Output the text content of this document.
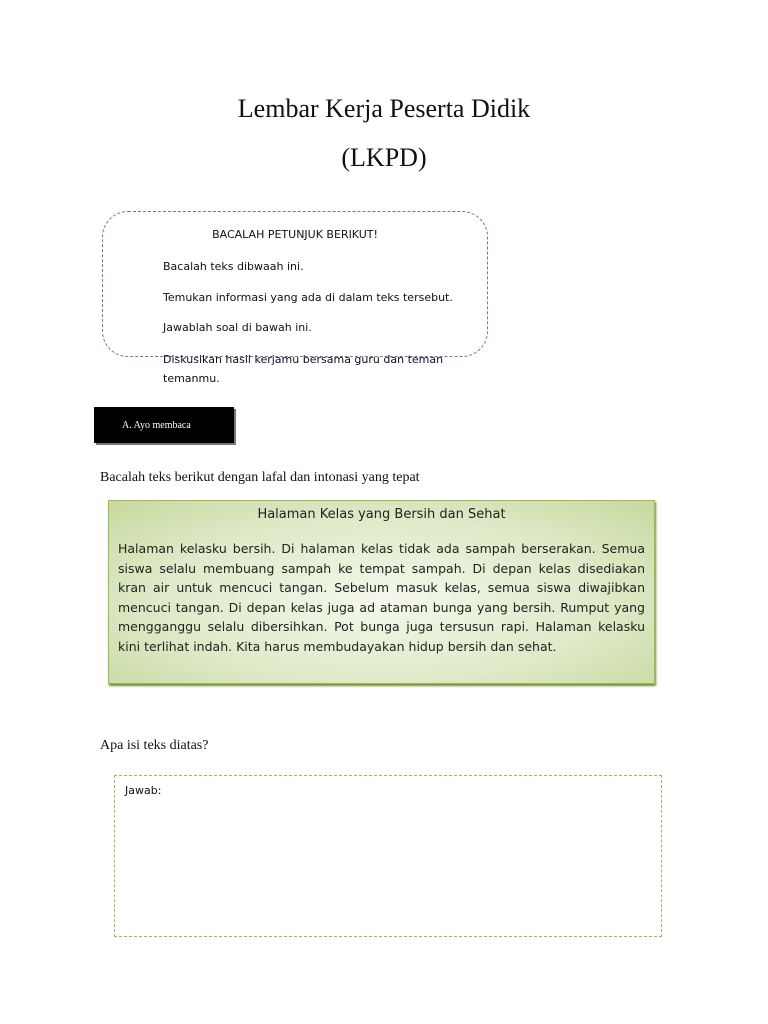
Lembar Kerja Peserta Didik
(LKPD)
BACALAH PETUNJUK BERIKUT!
Bacalah teks dibwaah ini.
Temukan informasi yang ada di dalam teks tersebut.
Jawablah soal di bawah ini.
Diskusikan hasil kerjamu bersama guru dan teman temanmu.
A. Ayo membaca
Bacalah teks berikut dengan lafal dan intonasi yang tepat
Halaman Kelas yang Bersih dan Sehat

Halaman kelasku bersih. Di halaman kelas tidak ada sampah berserakan. Semua siswa selalu membuang sampah ke tempat sampah. Di depan kelas disediakan kran air untuk mencuci tangan. Sebelum masuk kelas, semua siswa diwajibkan mencuci tangan. Di depan kelas juga ad ataman bunga yang bersih. Rumput yang mengganggu selalu dibersihkan. Pot bunga juga tersusun rapi. Halaman kelasku kini terlihat indah. Kita harus membudayakan hidup bersih dan sehat.

Apa isi teks diatas?
Jawab:
